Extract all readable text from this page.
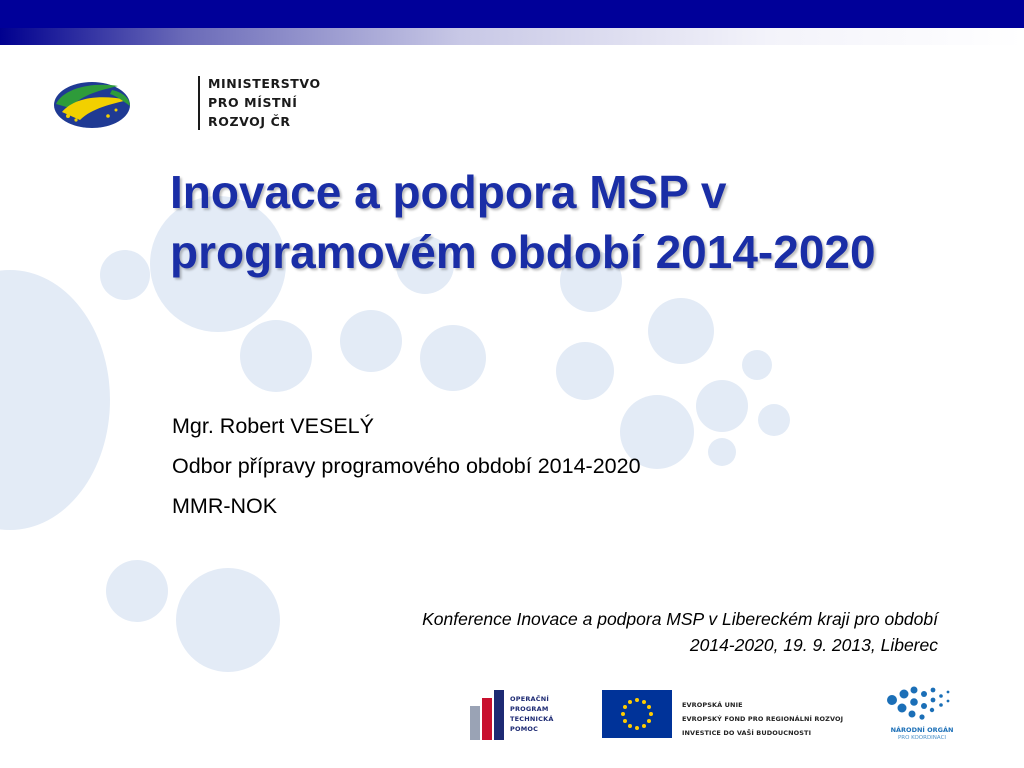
MINISTERSTVO
PRO MÍSTNÍ
ROZVOJ ČR
Inovace a podpora MSP v
programovém období 2014-2020
Mgr. Robert VESELÝ
Odbor přípravy programového období 2014-2020
MMR-NOK
Konference Inovace a podpora MSP v Libereckém kraji pro období
2014-2020, 19. 9. 2013, Liberec
OPERAČNÍ
PROGRAM
TECHNICKÁ
POMOC
EVROPSKÁ UNIE
EVROPSKÝ FOND PRO REGIONÁLNÍ ROZVOJ
INVESTICE DO VAŠÍ BUDOUCNOSTI	NÁRODNÍ ORGÁN
PRO KOORDINACI
